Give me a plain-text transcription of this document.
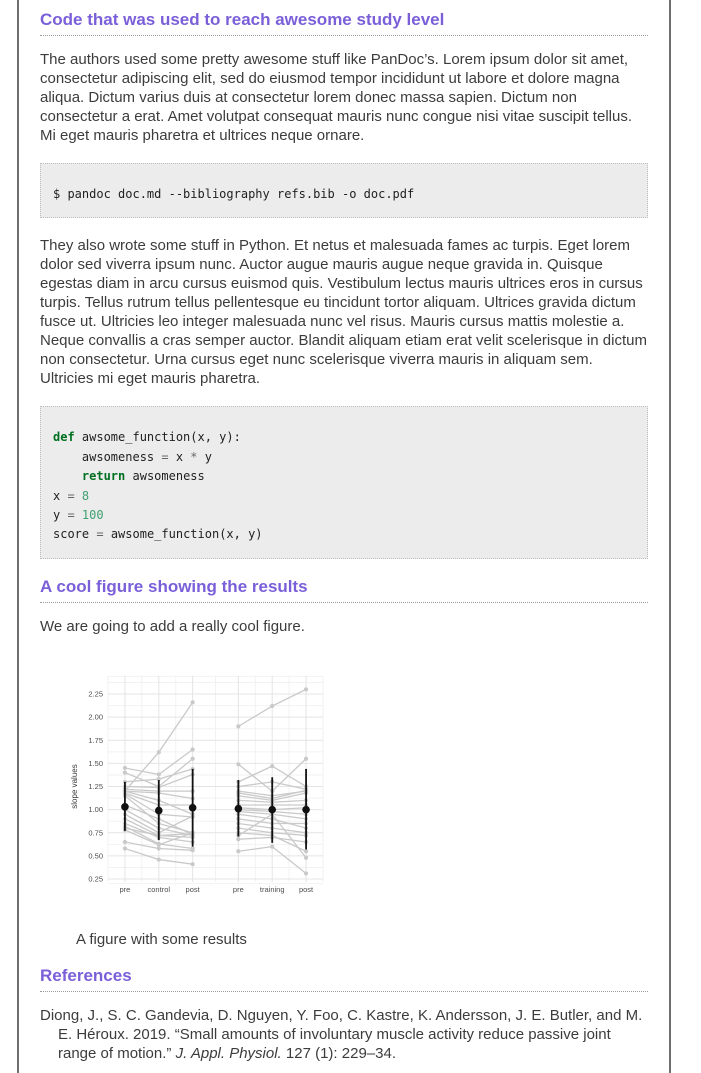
Code that was used to reach awesome study level

The authors used some pretty awesome stuff like PanDoc’s. Lorem ipsum dolor sit amet, consectetur adipiscing elit, sed do eiusmod tempor incididunt ut labore et dolore magna aliqua. Dictum varius duis at consectetur lorem donec massa sapien. Dictum non consectetur a erat. Amet volutpat consequat mauris nunc congue nisi vitae suscipit tellus. Mi eget mauris pharetra et ultrices neque ornare.

$ pandoc doc.md --bibliography refs.bib -o doc.pdf

They also wrote some stuff in Python. Et netus et malesuada fames ac turpis. Eget lorem dolor sed viverra ipsum nunc. Auctor augue mauris augue neque gravida in. Quisque egestas diam in arcu cursus euismod quis. Vestibulum lectus mauris ultrices eros in cursus turpis. Tellus rutrum tellus pellentesque eu tincidunt tortor aliquam. Ultrices gravida dictum fusce ut. Ultricies leo integer malesuada nunc vel risus. Mauris cursus mattis molestie a. Neque convallis a cras semper auctor. Blandit aliquam etiam erat velit scelerisque in dictum non consectetur. Urna cursus eget nunc scelerisque viverra mauris in aliquam sem. Ultricies mi eget mauris pharetra.

def awsome_function(x, y):
awsomeness = x * y
return awsomeness
x = 8
y = 100
score = awsome_function(x, y)
A cool figure showing the results

We are going to add a really cool figure.

0.25
0.50
0.75
1.00
1.25
1.50
1.75
2.00
2.25
pre control post	pre training post
slope values
A figure with some results
References

Diong, J., S. C. Gandevia, D. Nguyen, Y. Foo, C. Kastre, K. Andersson, J. E. Butler, and M. E. Héroux. 2019. “Small amounts of involuntary muscle activity reduce passive joint range of motion.” J. Appl. Physiol. 127 (1): 229–34.
